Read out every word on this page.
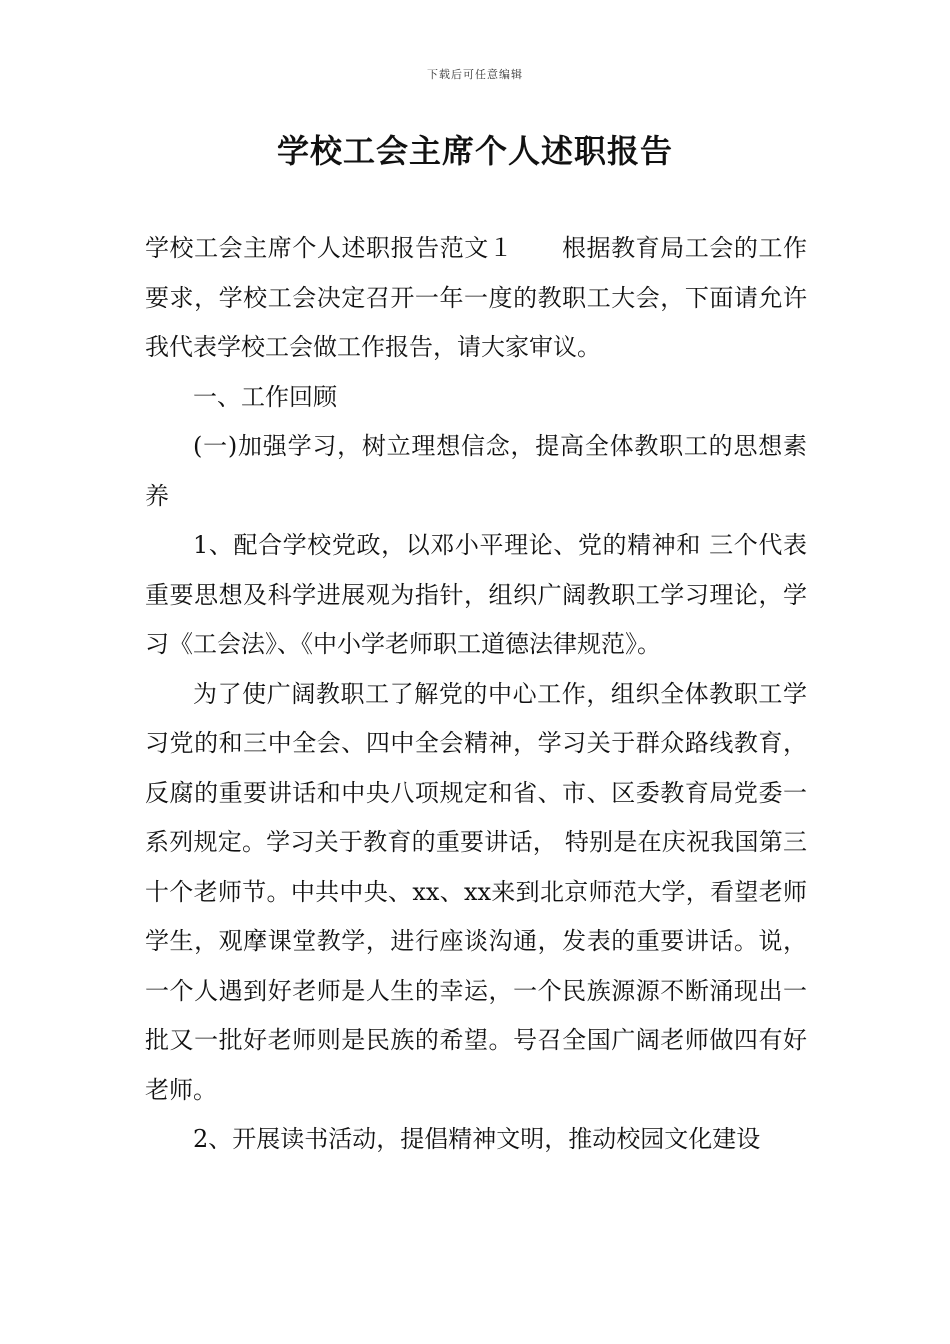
下载后可任意编辑
学校工会主席个人述职报告

学校工会主席个人述职报告范文１ 根据教育局工会的工作要求，学校工会决定召开一年一度的教职工大会，下面请允许我代表学校工会做工作报告，请大家审议。

一、工作回顾

(一)加强学习，树立理想信念，提高全体教职工的思想素养

1、配合学校党政，以邓小平理论、党的精神和 三个代表重要思想及科学进展观为指针，组织广阔教职工学习理论，学习《工会法》、《中小学老师职工道德法律规范》。

为了使广阔教职工了解党的中心工作，组织全体教职工学习党的和三中全会、四中全会精神，学习关于群众路线教育，反腐的重要讲话和中央八项规定和省、市、区委教育局党委一系列规定。学习关于教育的重要讲话， 特别是在庆祝我国第三十个老师节。中共中央、xx、xx来到北京师范大学，看望老师学生，观摩课堂教学，进行座谈沟通，发表的重要讲话。说，一个人遇到好老师是人生的幸运，一个民族源源不断涌现出一批又一批好老师则是民族的希望。号召全国广阔老师做四有好老师。

2、开展读书活动，提倡精神文明，推动校园文化建设
